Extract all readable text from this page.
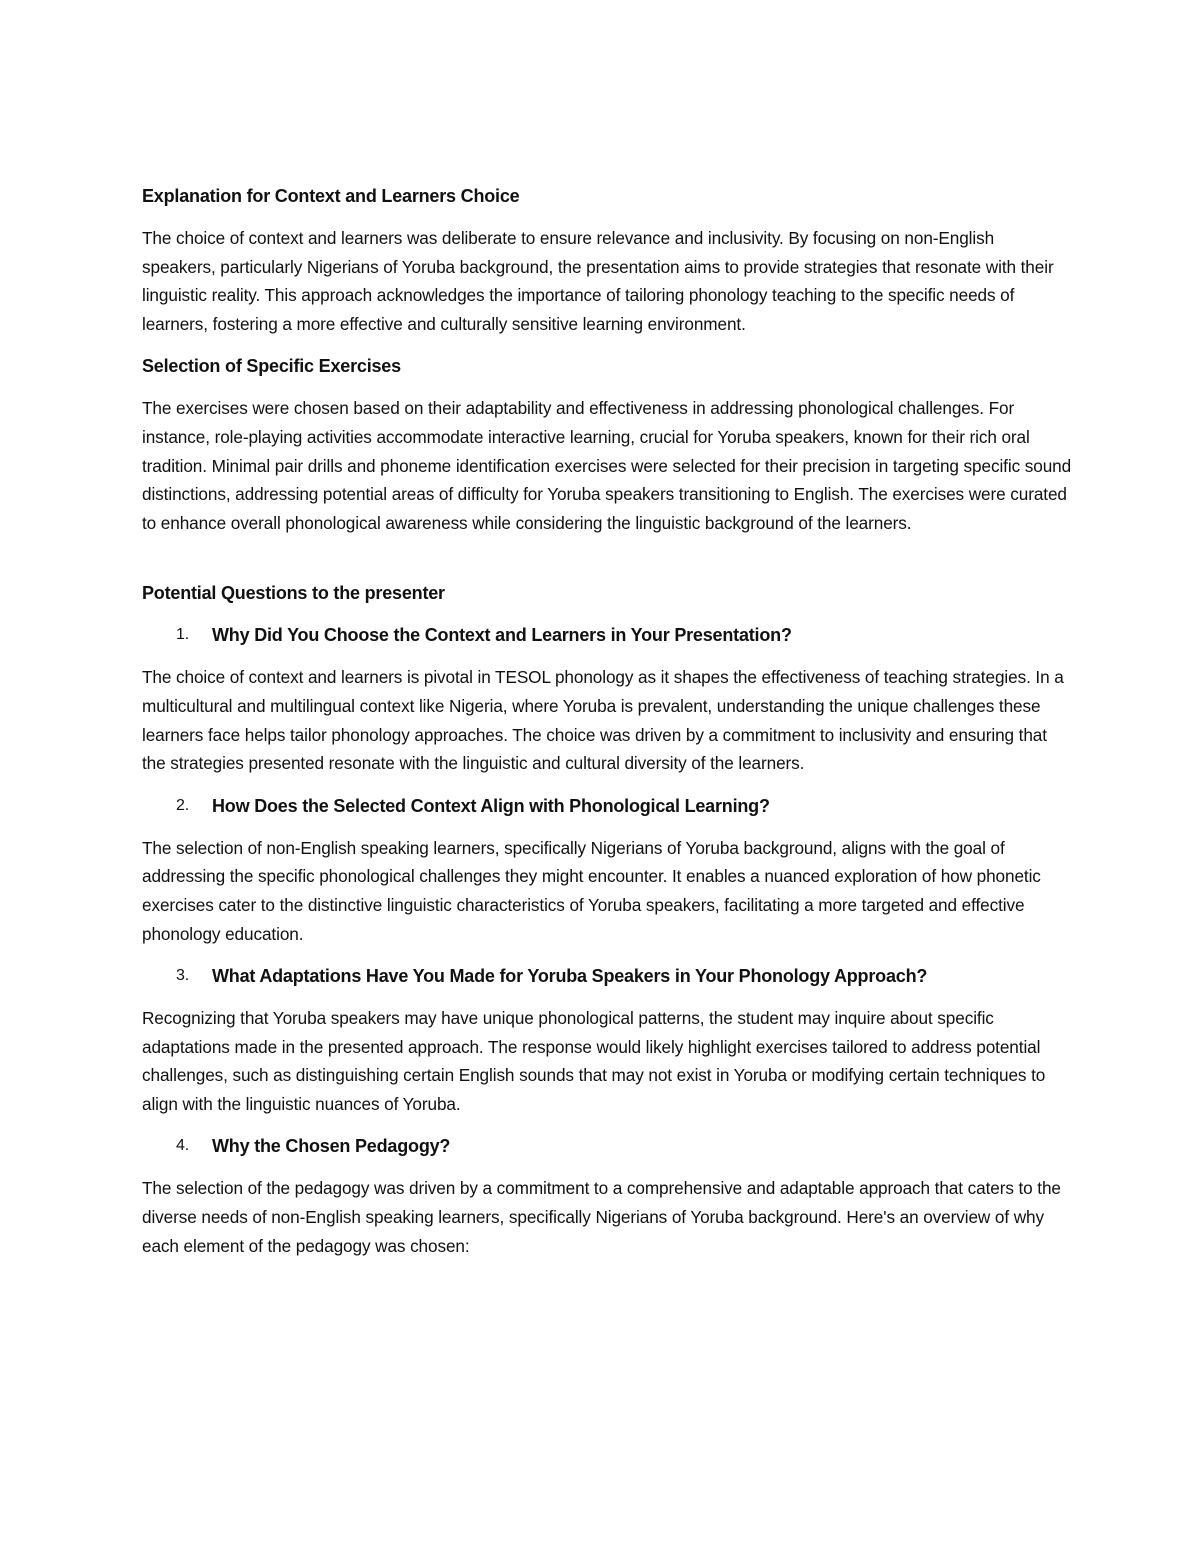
Explanation for Context and Learners Choice
The choice of context and learners was deliberate to ensure relevance and inclusivity. By focusing on non-English speakers, particularly Nigerians of Yoruba background, the presentation aims to provide strategies that resonate with their linguistic reality. This approach acknowledges the importance of tailoring phonology teaching to the specific needs of learners, fostering a more effective and culturally sensitive learning environment.
Selection of Specific Exercises
The exercises were chosen based on their adaptability and effectiveness in addressing phonological challenges. For instance, role-playing activities accommodate interactive learning, crucial for Yoruba speakers, known for their rich oral tradition. Minimal pair drills and phoneme identification exercises were selected for their precision in targeting specific sound distinctions, addressing potential areas of difficulty for Yoruba speakers transitioning to English. The exercises were curated to enhance overall phonological awareness while considering the linguistic background of the learners.
Potential Questions to the presenter
1.	Why Did You Choose the Context and Learners in Your Presentation?
The choice of context and learners is pivotal in TESOL phonology as it shapes the effectiveness of teaching strategies. In a multicultural and multilingual context like Nigeria, where Yoruba is prevalent, understanding the unique challenges these learners face helps tailor phonology approaches. The choice was driven by a commitment to inclusivity and ensuring that the strategies presented resonate with the linguistic and cultural diversity of the learners.
2.	How Does the Selected Context Align with Phonological Learning?
The selection of non-English speaking learners, specifically Nigerians of Yoruba background, aligns with the goal of addressing the specific phonological challenges they might encounter. It enables a nuanced exploration of how phonetic exercises cater to the distinctive linguistic characteristics of Yoruba speakers, facilitating a more targeted and effective phonology education.
3.	What Adaptations Have You Made for Yoruba Speakers in Your Phonology Approach?
Recognizing that Yoruba speakers may have unique phonological patterns, the student may inquire about specific adaptations made in the presented approach. The response would likely highlight exercises tailored to address potential challenges, such as distinguishing certain English sounds that may not exist in Yoruba or modifying certain techniques to align with the linguistic nuances of Yoruba.
4.	Why the Chosen Pedagogy?
The selection of the pedagogy was driven by a commitment to a comprehensive and adaptable approach that caters to the diverse needs of non-English speaking learners, specifically Nigerians of Yoruba background. Here's an overview of why each element of the pedagogy was chosen:
